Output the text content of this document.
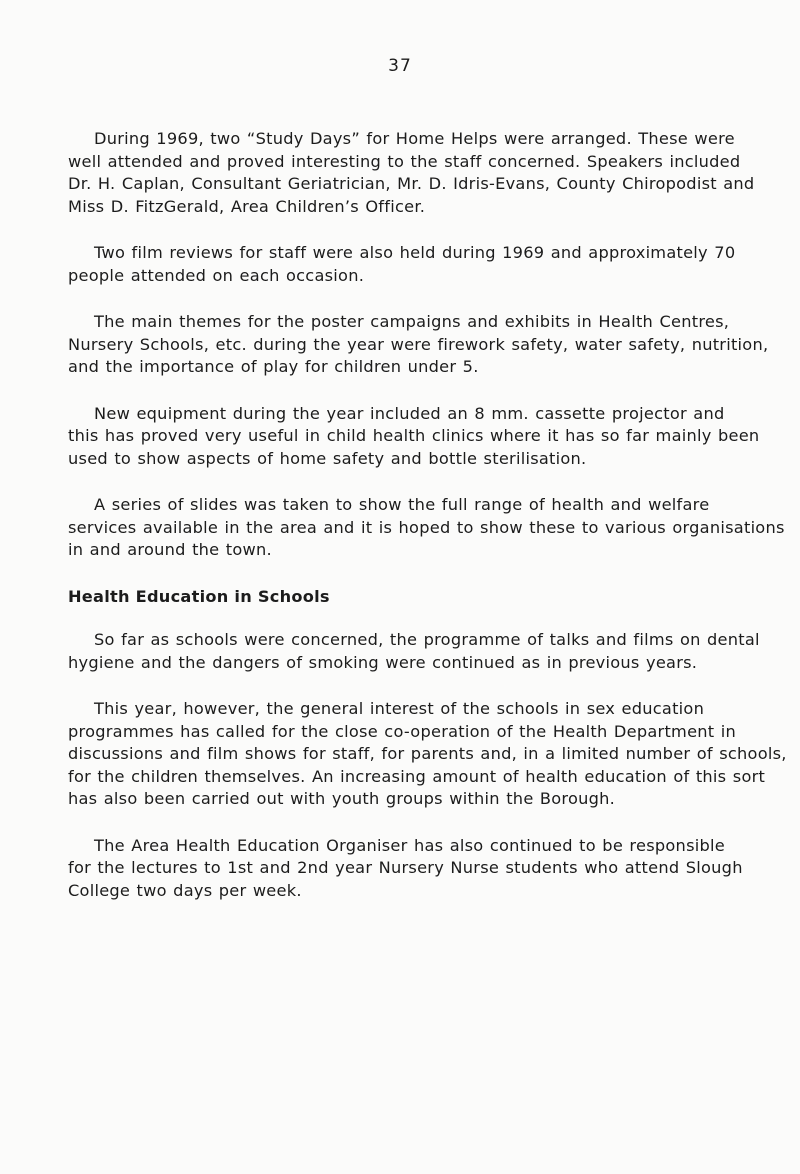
37

During 1969, two “Study Days” for Home Helps were arranged. These were
well attended and proved interesting to the staff concerned. Speakers included
Dr. H. Caplan, Consultant Geriatrician, Mr. D. Idris-Evans, County Chiropodist and
Miss D. FitzGerald, Area Children’s Officer.

Two film reviews for staff were also held during 1969 and approximately 70
people attended on each occasion.

The main themes for the poster campaigns and exhibits in Health Centres,
Nursery Schools, etc. during the year were firework safety, water safety, nutrition,
and the importance of play for children under 5.

New equipment during the year included an 8 mm. cassette projector and
this has proved very useful in child health clinics where it has so far mainly been
used to show aspects of home safety and bottle sterilisation.

A series of slides was taken to show the full range of health and welfare
services available in the area and it is hoped to show these to various organisations
in and around the town.

Health Education in Schools

So far as schools were concerned, the programme of talks and films on dental
hygiene and the dangers of smoking were continued as in previous years.

This year, however, the general interest of the schools in sex education
programmes has called for the close co-operation of the Health Department in
discussions and film shows for staff, for parents and, in a limited number of schools,
for the children themselves. An increasing amount of health education of this sort
has also been carried out with youth groups within the Borough.

The Area Health Education Organiser has also continued to be responsible
for the lectures to 1st and 2nd year Nursery Nurse students who attend Slough
College two days per week.
